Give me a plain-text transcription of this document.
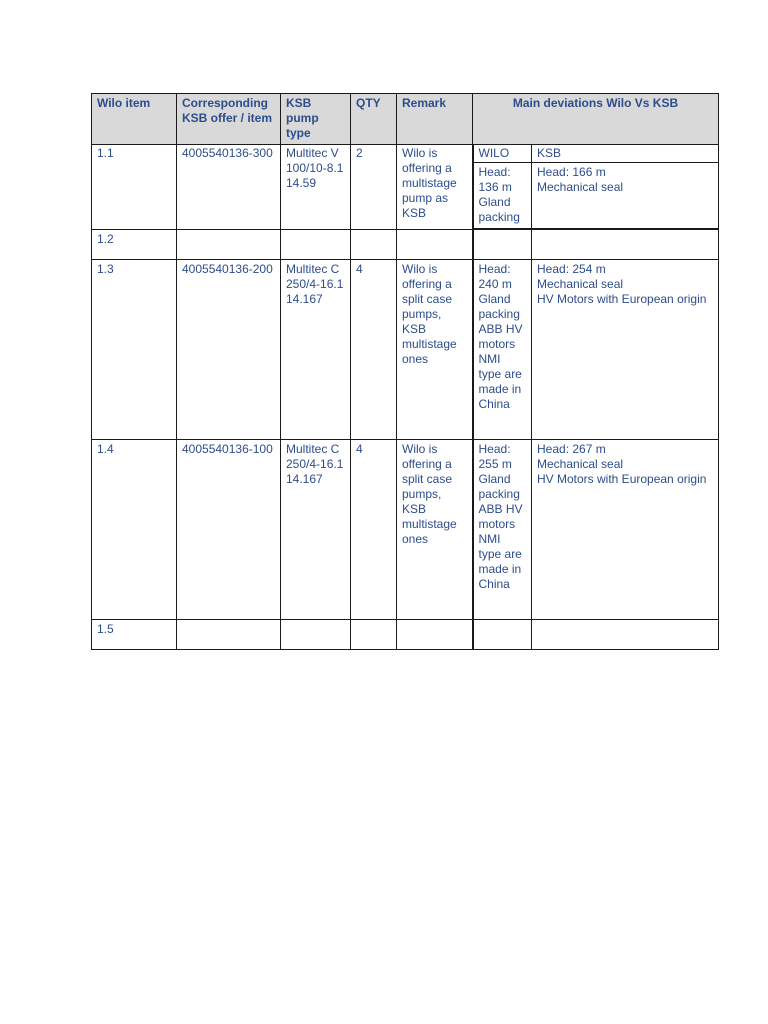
Wilo item	Corresponding KSB offer / item	KSB pump type	QTY	Remark	Main deviations Wilo Vs KSB	

1.1	4005540136-300	Multitec V 100/10-8.1 14.59	2	Wilo is offering a multistage pump as KSB	WILO	KSB

					Head:
136 m
Gland packing	Head: 166 m
Mechanical seal

1.2						

1.3	4005540136-200	Multitec C 250/4-16.1 14.167	4	Wilo is offering a split case pumps, KSB multistage ones	Head:
240 m
Gland packing
ABB HV motors NMI type are made in China	Head: 254 m
Mechanical seal
HV Motors with European origin

1.4	4005540136-100	Multitec C 250/4-16.1 14.167	4	Wilo is offering a split case pumps, KSB multistage ones	Head:
255 m
Gland packing
ABB HV motors NMI type are made in China	Head: 267 m
Mechanical seal
HV Motors with European origin

1.5						
